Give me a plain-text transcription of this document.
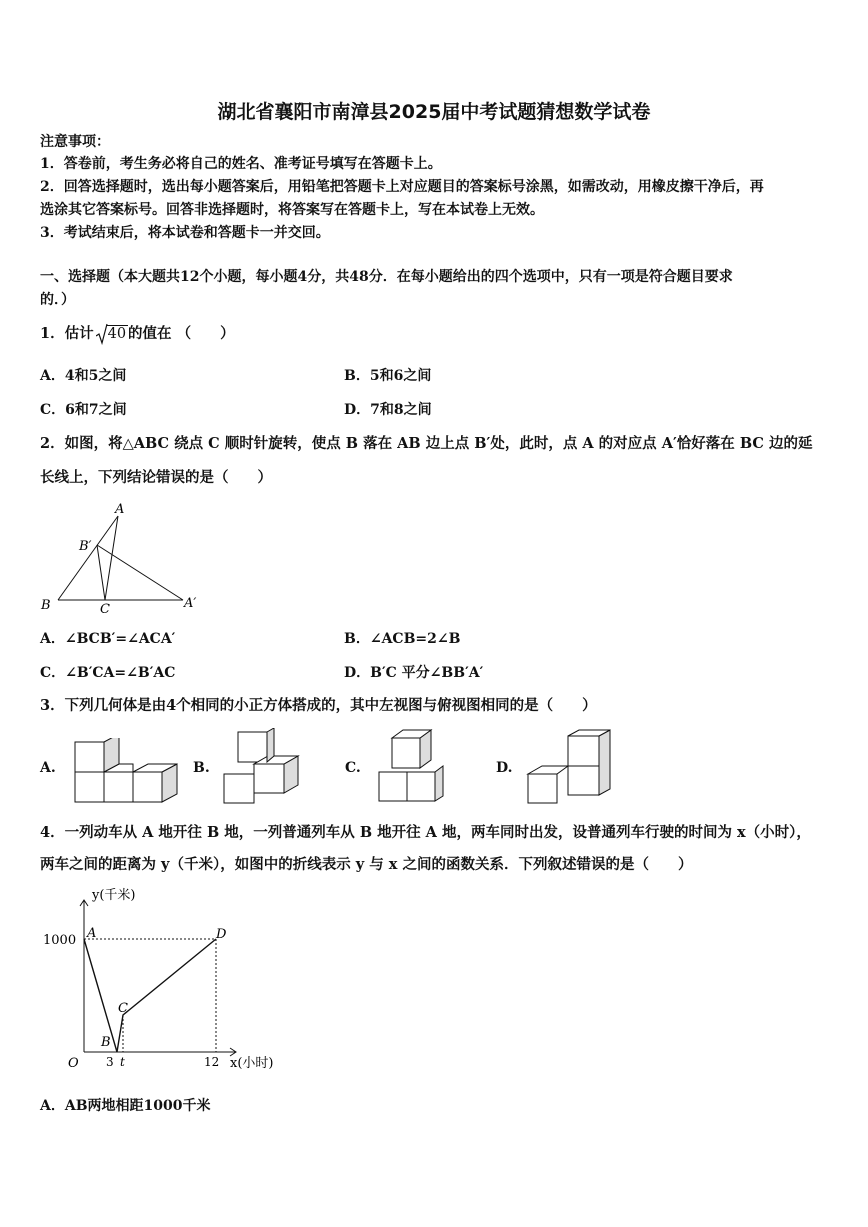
湖北省襄阳市南漳县2025届中考试题猜想数学试卷
注意事项：
1．答卷前，考生务必将自己的姓名、准考证号填写在答题卡上。
2．回答选择题时，选出每小题答案后，用铅笔把答题卡上对应题目的答案标号涂黑，如需改动，用橡皮擦干净后，再
选涂其它答案标号。回答非选择题时，将答案写在答题卡上，写在本试卷上无效。
3．考试结束后，将本试卷和答题卡一并交回。
一、选择题（本大题共12个小题，每小题4分，共48分．在每小题给出的四个选项中，只有一项是符合题目要求
的．）
1．估计 40 的值在 （　　）
A．4和5之间	B．5和6之间
C．6和7之间	D．7和8之间
2．如图，将△ABC 绕点 C 顺时针旋转，使点 B 落在 AB 边上点 B′处，此时，点 A 的对应点 A′恰好落在 BC 边的延
长线上，下列结论错误的是（　　）
A
B′
B	C	A′
A．∠BCB′=∠ACA′	B．∠ACB=2∠B
C．∠B′CA=∠B′AC	D．B′C 平分∠BB′A′
3．下列几何体是由4个相同的小正方体搭成的，其中左视图与俯视图相同的是（　　）
A.	B.	C.	D.
4．一列动车从 A 地开往 B 地，一列普通列车从 B 地开往 A 地，两车同时出发，设普通列车行驶的时间为 x（小时），
两车之间的距离为 y（千米），如图中的折线表示 y 与 x 之间的函数关系．下列叙述错误的是（　　）
y(千米)
x(小时)
1000
O 3 t	12
A
B
C
D
A．AB两地相距1000千米
